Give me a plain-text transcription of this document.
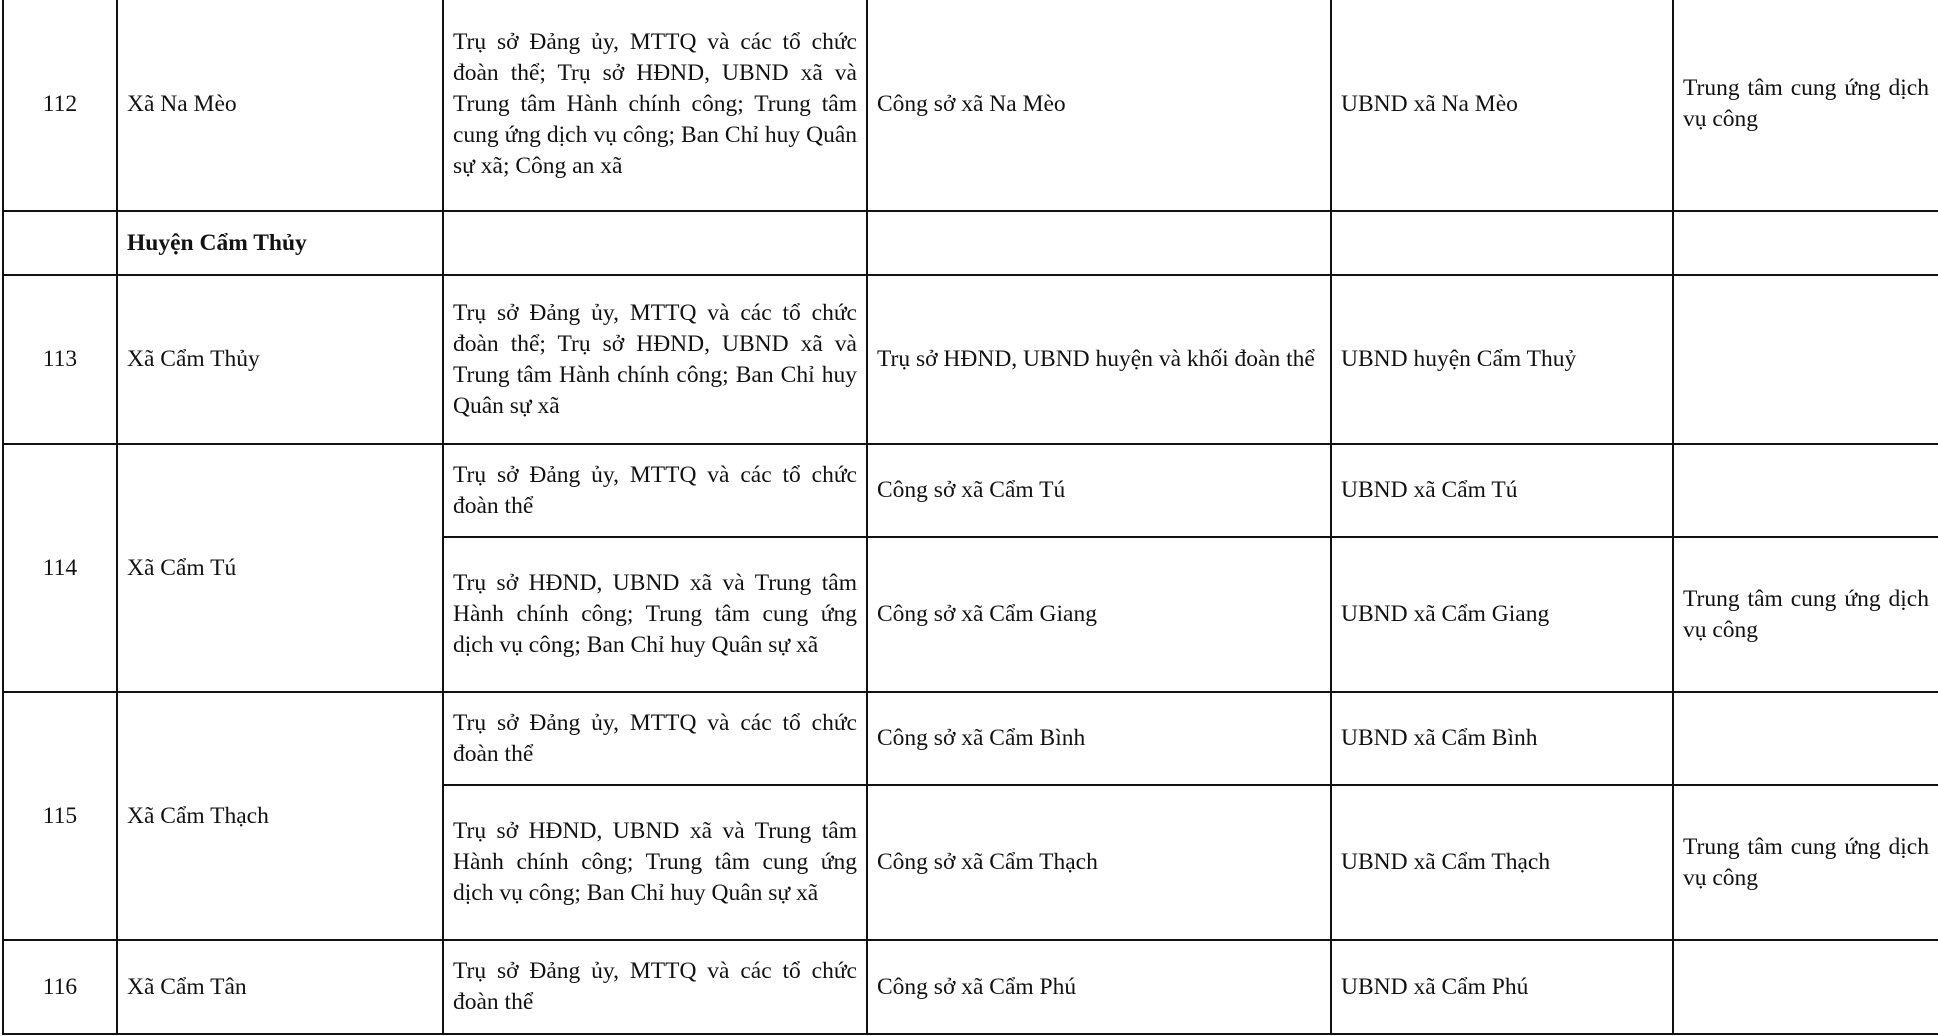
112	Xã Na Mèo	Trụ sở Đảng ủy, MTTQ và các tổ chức đoàn thể; Trụ sở HĐND, UBND xã và Trung tâm Hành chính công; Trung tâm cung ứng dịch vụ công; Ban Chỉ huy Quân sự xã; Công an xã	Công sở xã Na Mèo	UBND xã Na Mèo	Trung tâm cung ứng dịch vụ công
	Huyện Cẩm Thủy				
113	Xã Cẩm Thủy	Trụ sở Đảng ủy, MTTQ và các tổ chức đoàn thể; Trụ sở HĐND, UBND xã và Trung tâm Hành chính công; Ban Chỉ huy Quân sự xã	Trụ sở HĐND, UBND huyện và khối đoàn thể	UBND huyện Cẩm Thuỷ	
114	Xã Cẩm Tú	Trụ sở Đảng ủy, MTTQ và các tổ chức đoàn thể	Công sở xã Cẩm Tú	UBND xã Cẩm Tú	
		Trụ sở HĐND, UBND xã và Trung tâm Hành chính công; Trung tâm cung ứng dịch vụ công; Ban Chỉ huy Quân sự xã	Công sở xã Cẩm Giang	UBND xã Cẩm Giang	Trung tâm cung ứng dịch vụ công
115	Xã Cẩm Thạch	Trụ sở Đảng ủy, MTTQ và các tổ chức đoàn thể	Công sở xã Cẩm Bình	UBND xã Cẩm Bình	
		Trụ sở HĐND, UBND xã và Trung tâm Hành chính công; Trung tâm cung ứng dịch vụ công; Ban Chỉ huy Quân sự xã	Công sở xã Cẩm Thạch	UBND xã Cẩm Thạch	Trung tâm cung ứng dịch vụ công
116	Xã Cẩm Tân	Trụ sở Đảng ủy, MTTQ và các tổ chức đoàn thể	Công sở xã Cẩm Phú	UBND xã Cẩm Phú	
